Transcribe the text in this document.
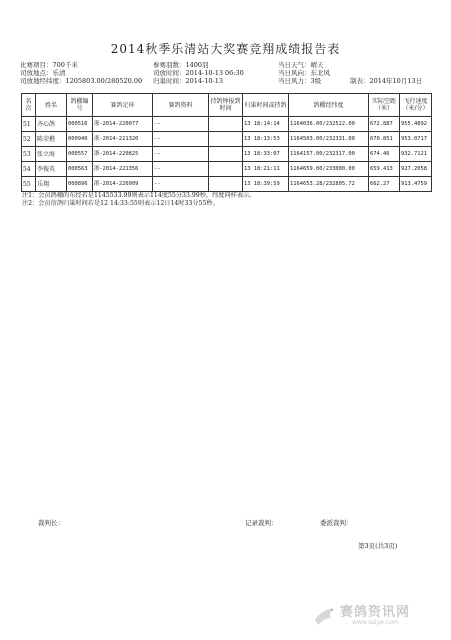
2014秋季乐清站大奖赛竞翔成绩报告表
比赛项目：700千米	参赛羽数：1400羽	当日天气：晴天
司放地点：乐清	司放时间：2014-10-13 06:30	当日风向：东北风
司放地经纬度：1205803.00/280520.00 归巢时间：2014-10-13	当日风力：3级	制表：2014年10月13日
名次	姓名	鸽棚编号	赛鸽足环	赛鸽资料	持鸽钟报到时间	归巢时间或持鸽	鸽棚经纬度	实际空距（米）	飞行速度（米/分）
51	齐心鸽	000516	浙-2014-220077	--		13 18:14:14	1164036.00/232522.00	672.887	955.4892
52	陈荣楷	000940	浙-2014-221320	--		13 18:13:53	1164503.00/232331.00	670.851	953.0717
53	张立海	000557	浙-2014-220825	--		13 18:33:07	1164157.00/232317.00	674.46	932.7121
54	李俊英	000563	浙-2014-221356	--		13 18:21:11	1164659.00/233000.00	659.413	927.2058
55	乐翔	000896	浙-2014-220909	--		13 18:39:59	1164653.28/232805.72	662.27	913.4759
注1：会员鸽棚的东经若是1145533.99则表示114度55分33.99秒，纬度同样表示。
注2：会员信鸽归巢时间若是12 14:33:55则表示12日14时33分55秒。
裁判长：	记录裁判：	委派裁判：
第3页(共3页)
赛鸽资讯网
www.saige.com
